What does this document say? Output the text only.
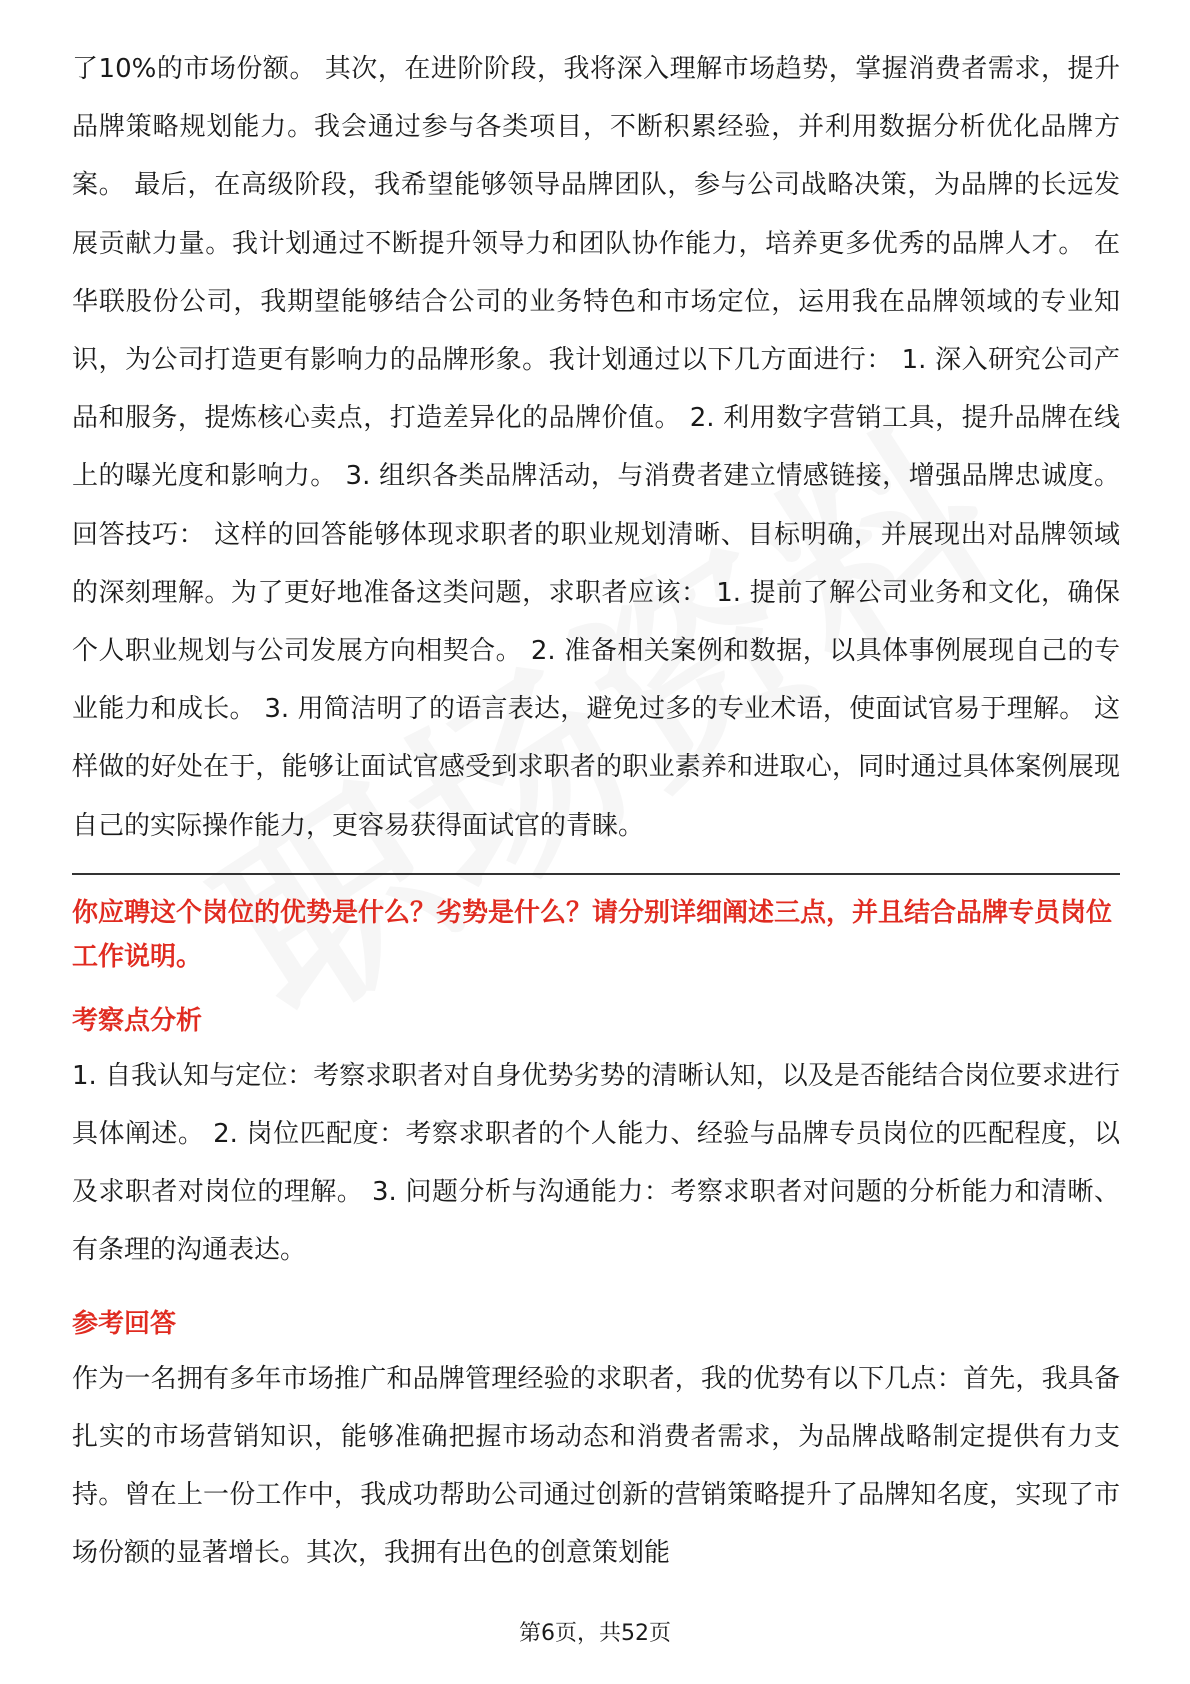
了10%的市场份额。 其次，在进阶阶段，我将深入理解市场趋势，掌握消费者需求，提升品牌策略规划能力。我会通过参与各类项目，不断积累经验，并利用数据分析优化品牌方案。 最后，在高级阶段，我希望能够领导品牌团队，参与公司战略决策，为品牌的长远发展贡献力量。我计划通过不断提升领导力和团队协作能力，培养更多优秀的品牌人才。 在华联股份公司，我期望能够结合公司的业务特色和市场定位，运用我在品牌领域的专业知识，为公司打造更有影响力的品牌形象。我计划通过以下几方面进行： 1. 深入研究公司产品和服务，提炼核心卖点，打造差异化的品牌价值。 2. 利用数字营销工具，提升品牌在线上的曝光度和影响力。 3. 组织各类品牌活动，与消费者建立情感链接，增强品牌忠诚度。 回答技巧： 这样的回答能够体现求职者的职业规划清晰、目标明确，并展现出对品牌领域的深刻理解。为了更好地准备这类问题，求职者应该： 1. 提前了解公司业务和文化，确保个人职业规划与公司发展方向相契合。 2. 准备相关案例和数据，以具体事例展现自己的专业能力和成长。 3. 用简洁明了的语言表达，避免过多的专业术语，使面试官易于理解。 这样做的好处在于，能够让面试官感受到求职者的职业素养和进取心，同时通过具体案例展现自己的实际操作能力，更容易获得面试官的青睐。

你应聘这个岗位的优势是什么？劣势是什么？请分别详细阐述三点，并且结合品牌专员岗位工作说明。

考察点分析

1. 自我认知与定位：考察求职者对自身优势劣势的清晰认知，以及是否能结合岗位要求进行具体阐述。 2. 岗位匹配度：考察求职者的个人能力、经验与品牌专员岗位的匹配程度，以及求职者对岗位的理解。 3. 问题分析与沟通能力：考察求职者对问题的分析能力和清晰、有条理的沟通表达。

参考回答

作为一名拥有多年市场推广和品牌管理经验的求职者，我的优势有以下几点：首先，我具备扎实的市场营销知识，能够准确把握市场动态和消费者需求，为品牌战略制定提供有力支持。曾在上一份工作中，我成功帮助公司通过创新的营销策略提升了品牌知名度，实现了市场份额的显著增长。其次，我拥有出色的创意策划能

第6页，共52页
